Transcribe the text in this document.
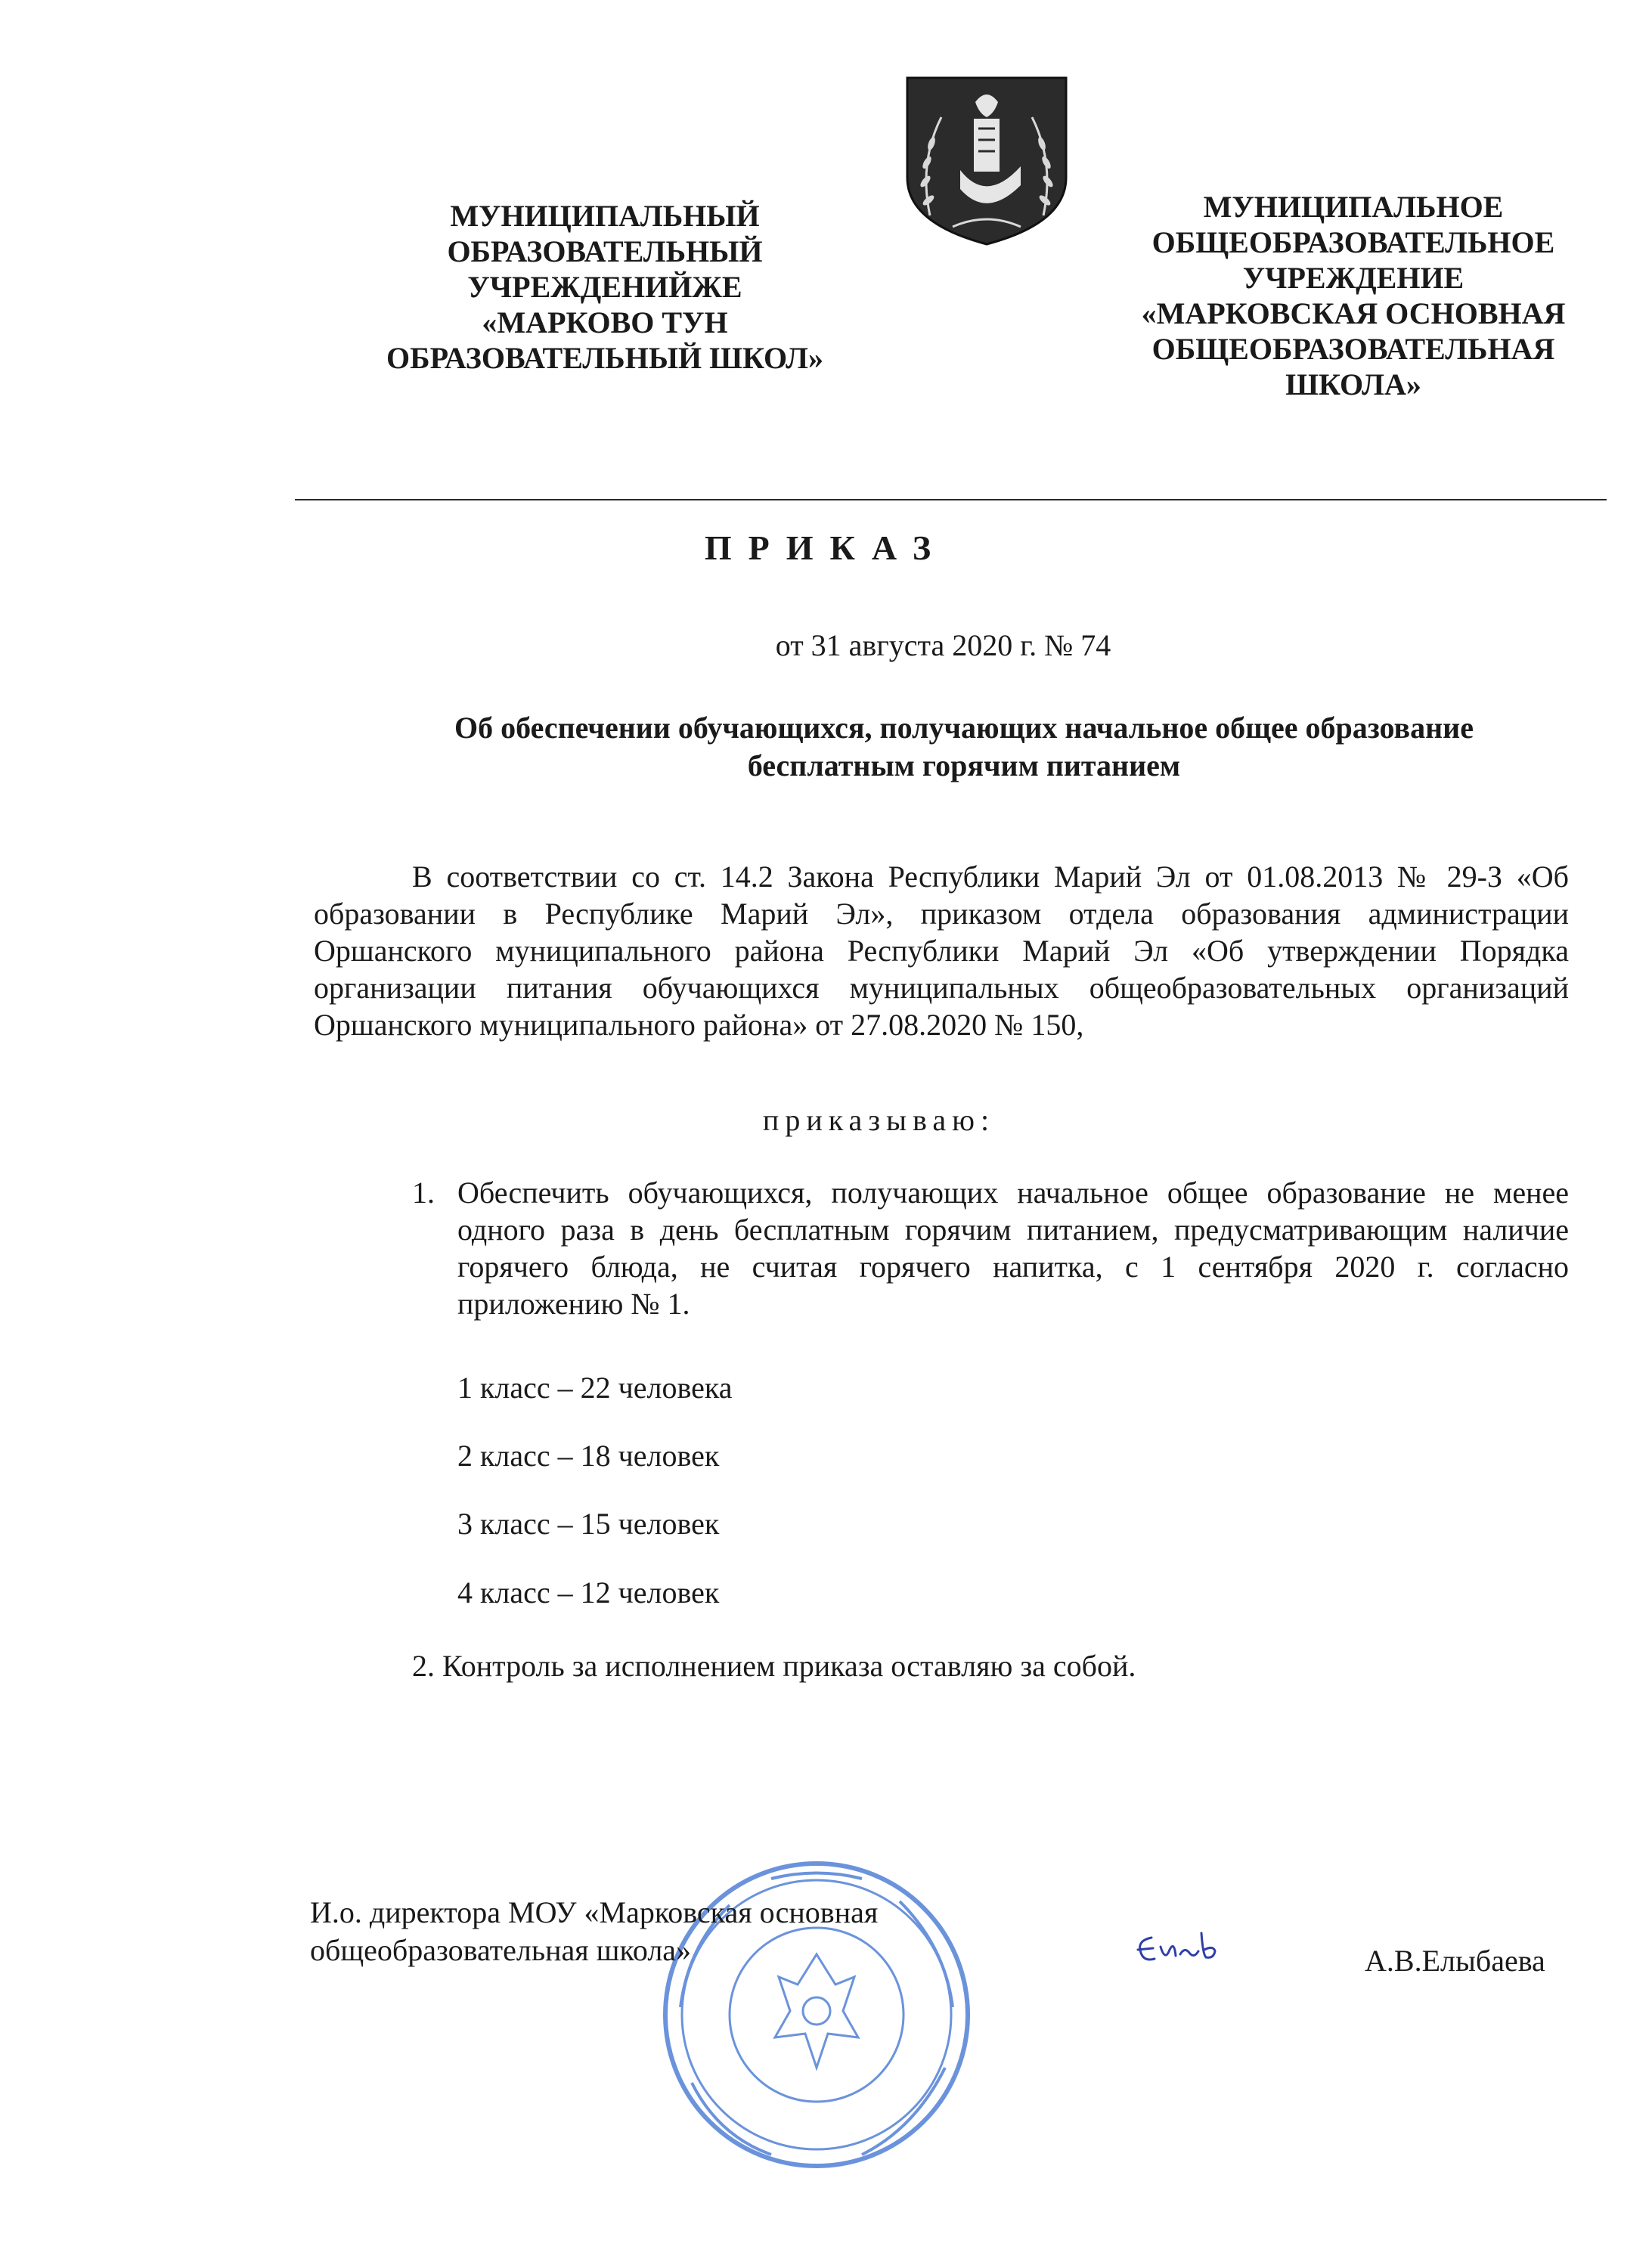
МУНИЦИПАЛЬНЫЙ
ОБРАЗОВАТЕЛЬНЫЙ
УЧРЕЖДЕНИЙЖЕ
«МАРКОВО ТУН
ОБРАЗОВАТЕЛЬНЫЙ ШКОЛ»
МУНИЦИПАЛЬНОЕ
ОБЩЕОБРАЗОВАТЕЛЬНОЕ
УЧРЕЖДЕНИЕ
«МАРКОВСКАЯ ОСНОВНАЯ
ОБЩЕОБРАЗОВАТЕЛЬНАЯ
ШКОЛА»
ПРИКАЗ
от 31 августа 2020 г. № 74
Об обеспечении обучающихся, получающих начальное общее образование
бесплатным горячим питанием

В соответствии со ст. 14.2 Закона Республики Марий Эл от 01.08.2013 № 29-З «Об образовании в Республике Марий Эл», приказом отдела образования администрации Оршанского муниципального района Республики Марий Эл «Об утверждении Порядка организации питания обучающихся муниципальных общеобразовательных организаций Оршанского муниципального района» от 27.08.2020 № 150,

приказываю:
1. Обеспечить обучающихся, получающих начальное общее образование не менее одного раза в день бесплатным горячим питанием, предусматривающим наличие горячего блюда, не считая горячего напитка, с 1 сентября 2020 г. согласно приложению № 1.
1 класс – 22 человека
2 класс – 18 человек
3 класс – 15 человек
4 класс – 12 человек
2. Контроль за исполнением приказа оставляю за собой.
И.о. директора МОУ «Марковская основная
общеобразовательная школа»	А.В.Елыбаева
